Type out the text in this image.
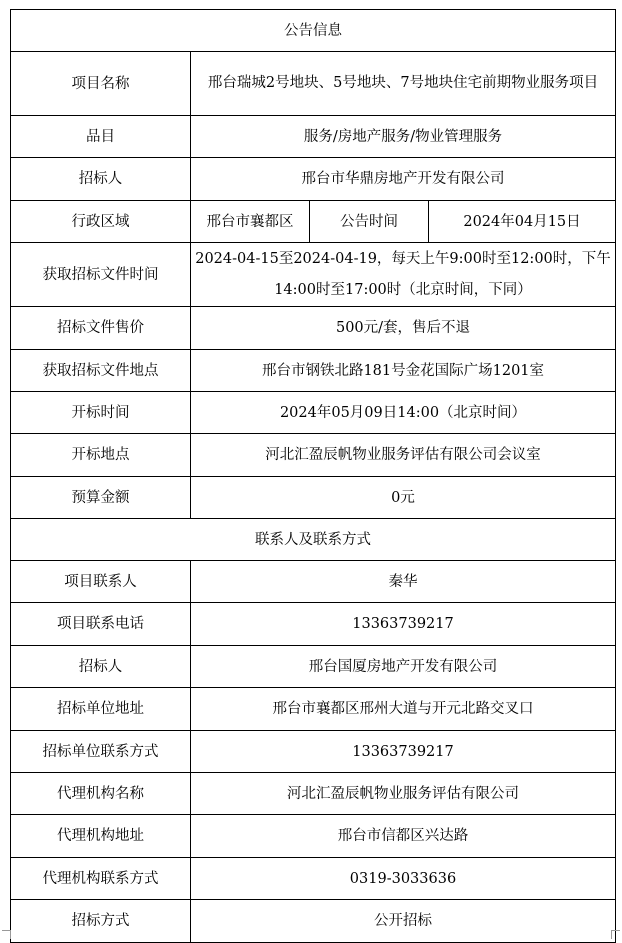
公告信息			
项目名称	邢台瑞城2号地块、5号地块、7号地块住宅前期物业服务项目		
品目	服务/房地产服务/物业管理服务		
招标人	邢台市华鼎房地产开发有限公司		
行政区域	邢台市襄都区	公告时间	2024年04月15日
获取招标文件时间	2024-04-15至2024-04-19，每天上午9:00时至12:00时，下午14:00时至17:00时（北京时间，下同）		
招标文件售价	500元/套，售后不退		
获取招标文件地点	邢台市钢铁北路181号金花国际广场1201室		
开标时间	2024年05月09日14:00（北京时间）		
开标地点	河北汇盈辰帆物业服务评估有限公司会议室		
预算金额	0元		
联系人及联系方式			
项目联系人	秦华		
项目联系电话	13363739217		
招标人	邢台国厦房地产开发有限公司		
招标单位地址	邢台市襄都区邢州大道与开元北路交叉口		
招标单位联系方式	13363739217		
代理机构名称	河北汇盈辰帆物业服务评估有限公司		
代理机构地址	邢台市信都区兴达路		
代理机构联系方式	0319-3033636		
招标方式	公开招标		
